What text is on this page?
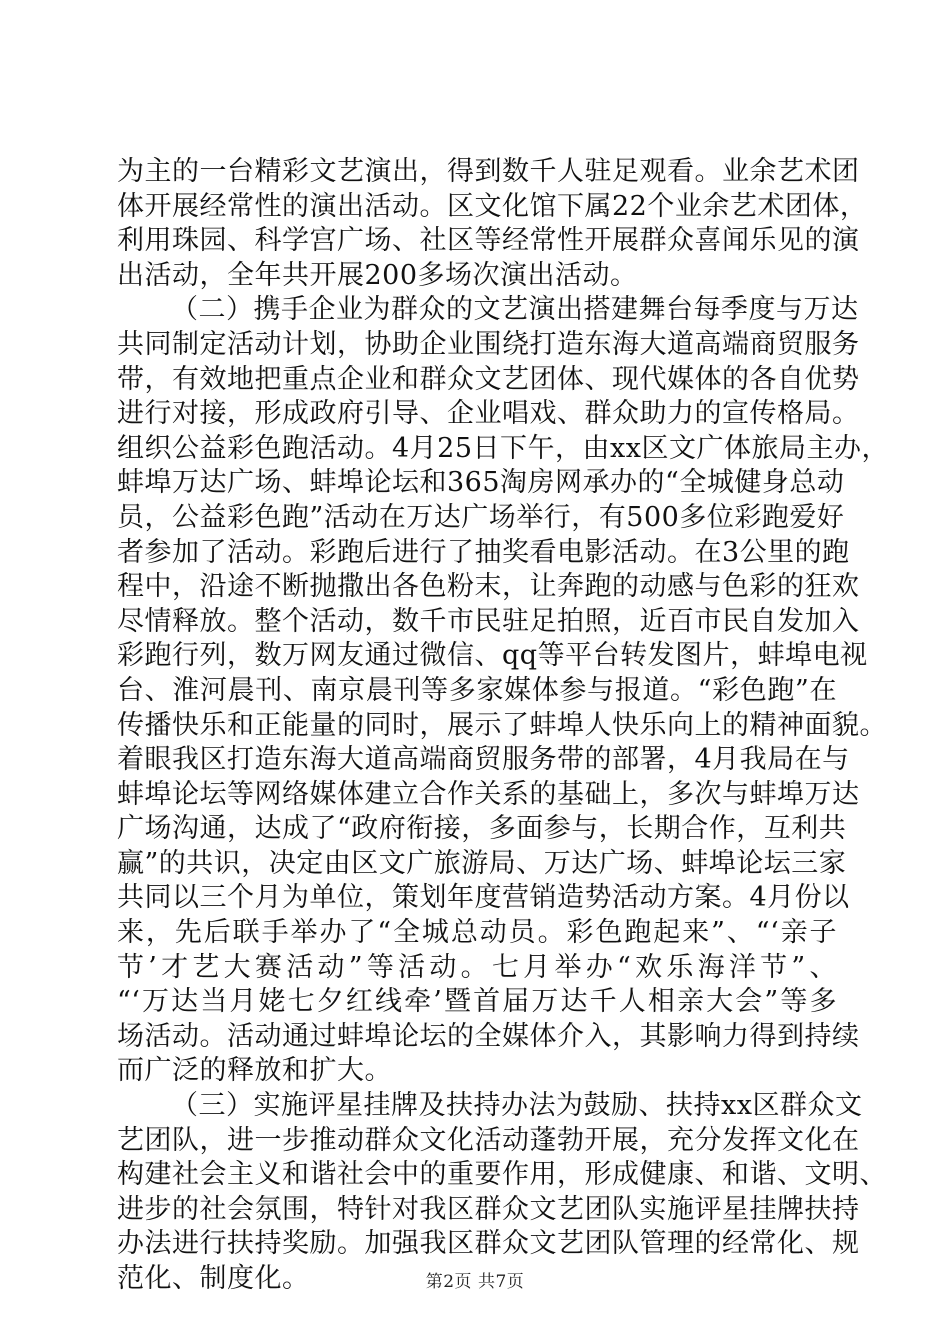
为主的一台精彩文艺演出，得到数千人驻足观看。业余艺术团
体开展经常性的演出活动。区文化馆下属22个业余艺术团体，
利用珠园、科学宫广场、社区等经常性开展群众喜闻乐见的演
出活动，全年共开展200多场次演出活动。
（二）携手企业为群众的文艺演出搭建舞台每季度与万达
共同制定活动计划，协助企业围绕打造东海大道高端商贸服务
带，有效地把重点企业和群众文艺团体、现代媒体的各自优势
进行对接，形成政府引导、企业唱戏、群众助力的宣传格局。
组织公益彩色跑活动。4月25日下午，由xx区文广体旅局主办，
蚌埠万达广场、蚌埠论坛和365淘房网承办的“全城健身总动
员，公益彩色跑”活动在万达广场举行，有500多位彩跑爱好
者参加了活动。彩跑后进行了抽奖看电影活动。在3公里的跑
程中，沿途不断抛撒出各色粉末，让奔跑的动感与色彩的狂欢
尽情释放。整个活动，数千市民驻足拍照，近百市民自发加入
彩跑行列，数万网友通过微信、qq等平台转发图片，蚌埠电视
台、淮河晨刊、南京晨刊等多家媒体参与报道。“彩色跑”在
传播快乐和正能量的同时，展示了蚌埠人快乐向上的精神面貌。
着眼我区打造东海大道高端商贸服务带的部署，4月我局在与
蚌埠论坛等网络媒体建立合作关系的基础上，多次与蚌埠万达
广场沟通，达成了“政府衔接，多面参与，长期合作，互利共
赢”的共识，决定由区文广旅游局、万达广场、蚌埠论坛三家
共同以三个月为单位，策划年度营销造势活动方案。4月份以
来，先后联手举办了“全城总动员。彩色跑起来”、“‘亲子
节’才艺大赛活动”等活动。七月举办“欢乐海洋节”、
“‘万达当月姥七夕红线牵’暨首届万达千人相亲大会”等多
场活动。活动通过蚌埠论坛的全媒体介入，其影响力得到持续
而广泛的释放和扩大。
（三）实施评星挂牌及扶持办法为鼓励、扶持xx区群众文
艺团队，进一步推动群众文化活动蓬勃开展，充分发挥文化在
构建社会主义和谐社会中的重要作用，形成健康、和谐、文明、
进步的社会氛围，特针对我区群众文艺团队实施评星挂牌扶持
办法进行扶持奖励。加强我区群众文艺团队管理的经常化、规
范化、制度化。	第2页 共7页
